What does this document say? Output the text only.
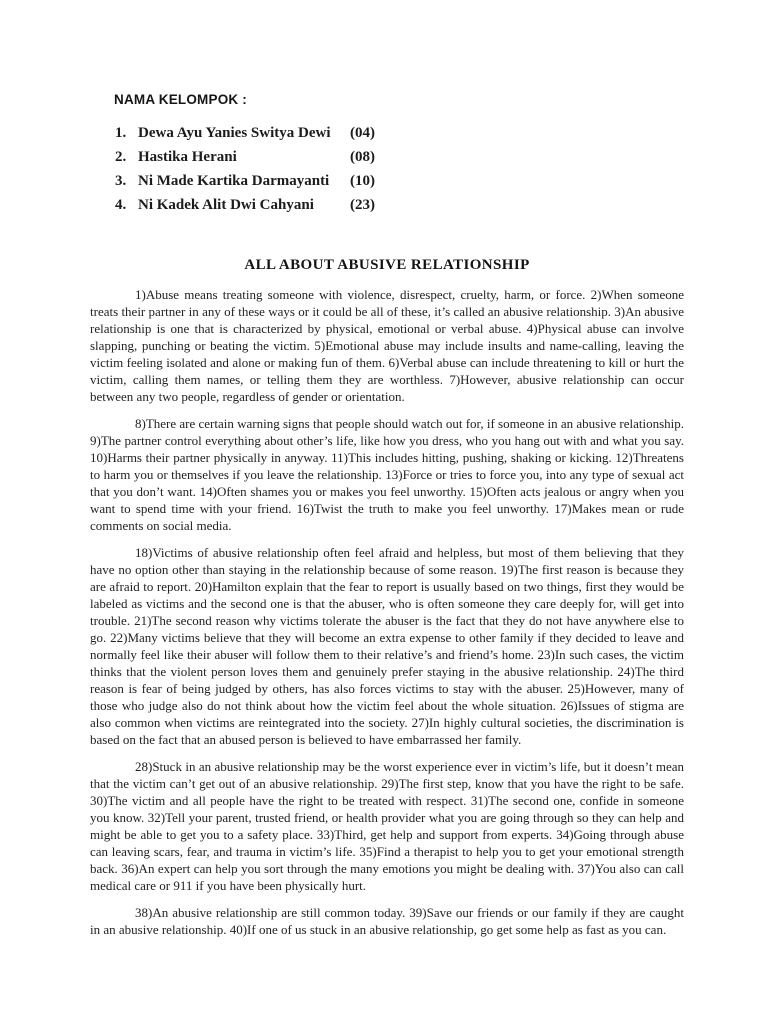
NAMA KELOMPOK :

1. Dewa Ayu Yanies Switya Dewi	(04)
2. Hastika Herani	(08)
3. Ni Made Kartika Darmayanti	(10)
4. Ni Kadek Alit Dwi Cahyani	(23)
ALL ABOUT ABUSIVE RELATIONSHIP

1)Abuse means treating someone with violence, disrespect, cruelty, harm, or force. 2)When someone treats their partner in any of these ways or it could be all of these, it’s called an abusive relationship. 3)An abusive relationship is one that is characterized by physical, emotional or verbal abuse. 4)Physical abuse can involve slapping, punching or beating the victim. 5)Emotional abuse may include insults and name-calling, leaving the victim feeling isolated and alone or making fun of them. 6)Verbal abuse can include threatening to kill or hurt the victim, calling them names, or telling them they are worthless. 7)However, abusive relationship can occur between any two people, regardless of gender or orientation.

8)There are certain warning signs that people should watch out for, if someone in an abusive relationship. 9)The partner control everything about other’s life, like how you dress, who you hang out with and what you say. 10)Harms their partner physically in anyway. 11)This includes hitting, pushing, shaking or kicking. 12)Threatens to harm you or themselves if you leave the relationship. 13)Force or tries to force you, into any type of sexual act that you don’t want. 14)Often shames you or makes you feel unworthy. 15)Often acts jealous or angry when you want to spend time with your friend. 16)Twist the truth to make you feel unworthy. 17)Makes mean or rude comments on social media.

18)Victims of abusive relationship often feel afraid and helpless, but most of them believing that they have no option other than staying in the relationship because of some reason. 19)The first reason is because they are afraid to report. 20)Hamilton explain that the fear to report is usually based on two things, first they would be labeled as victims and the second one is that the abuser, who is often someone they care deeply for, will get into trouble. 21)The second reason why victims tolerate the abuser is the fact that they do not have anywhere else to go. 22)Many victims believe that they will become an extra expense to other family if they decided to leave and normally feel like their abuser will follow them to their relative’s and friend’s home. 23)In such cases, the victim thinks that the violent person loves them and genuinely prefer staying in the abusive relationship. 24)The third reason is fear of being judged by others, has also forces victims to stay with the abuser. 25)However, many of those who judge also do not think about how the victim feel about the whole situation. 26)Issues of stigma are also common when victims are reintegrated into the society. 27)In highly cultural societies, the discrimination is based on the fact that an abused person is believed to have embarrassed her family.

28)Stuck in an abusive relationship may be the worst experience ever in victim’s life, but it doesn’t mean that the victim can’t get out of an abusive relationship. 29)The first step, know that you have the right to be safe. 30)The victim and all people have the right to be treated with respect. 31)The second one, confide in someone you know. 32)Tell your parent, trusted friend, or health provider what you are going through so they can help and might be able to get you to a safety place. 33)Third, get help and support from experts. 34)Going through abuse can leaving scars, fear, and trauma in victim’s life. 35)Find a therapist to help you to get your emotional strength back. 36)An expert can help you sort through the many emotions you might be dealing with. 37)You also can call medical care or 911 if you have been physically hurt.

38)An abusive relationship are still common today. 39)Save our friends or our family if they are caught in an abusive relationship. 40)If one of us stuck in an abusive relationship, go get some help as fast as you can.
